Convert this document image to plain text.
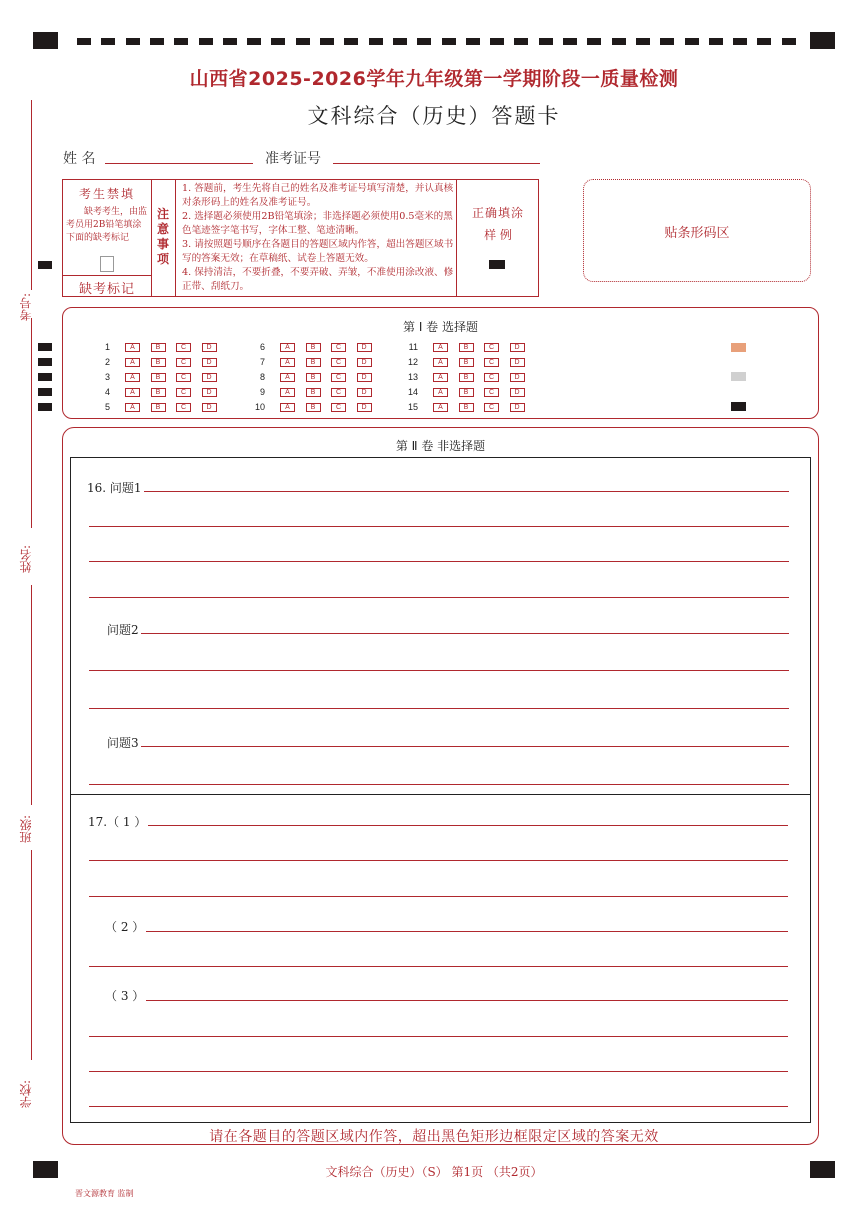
考号:
姓名:
班级:
学校:
山西省2025-2026学年九年级第一学期阶段一质量检测
文科综合（历史）答题卡
姓 名	准考证号
考生禁填
缺考考生，由监考员用2B铅笔填涂下面的缺考标记
缺考标记
注意事项
1. 答题前，考生先将自己的姓名及准考证号填写清楚，并认真核对条形码上的姓名及准考证号。
2. 选择题必须使用2B铅笔填涂；非选择题必须使用0.5毫米的黑色笔迹签字笔书写，字体工整、笔迹清晰。
3. 请按照题号顺序在各题目的答题区域内作答，超出答题区域书写的答案无效；在草稿纸、试卷上答题无效。
4. 保持清洁，不要折叠，不要弄破、弄皱，不准使用涂改液、修正带、刮纸刀。
正确填涂
样 例	贴条形码区
第 Ⅰ 卷 选择题
1	A	B	C	D
2	A	B	C	D
3	A	B	C	D
4	A	B	C	D
5	A	B	C	D
6	A	B	C	D
7	A	B	C	D
8	A	B	C	D
9	A	B	C	D
10	A	B	C	D
11	A	B	C	D
12	A	B	C	D
13	A	B	C	D
14	A	B	C	D
15	A	B	C	D
第 Ⅱ 卷 非选择题
16. 问题1
问题2
问题3
17.（ 1 ）
（ 2 ）
（ 3 ）
请在各题目的答题区域内作答，超出黑色矩形边框限定区域的答案无效
文科综合（历史）（S） 第1页 （共2页）
晋文源教育 监制
